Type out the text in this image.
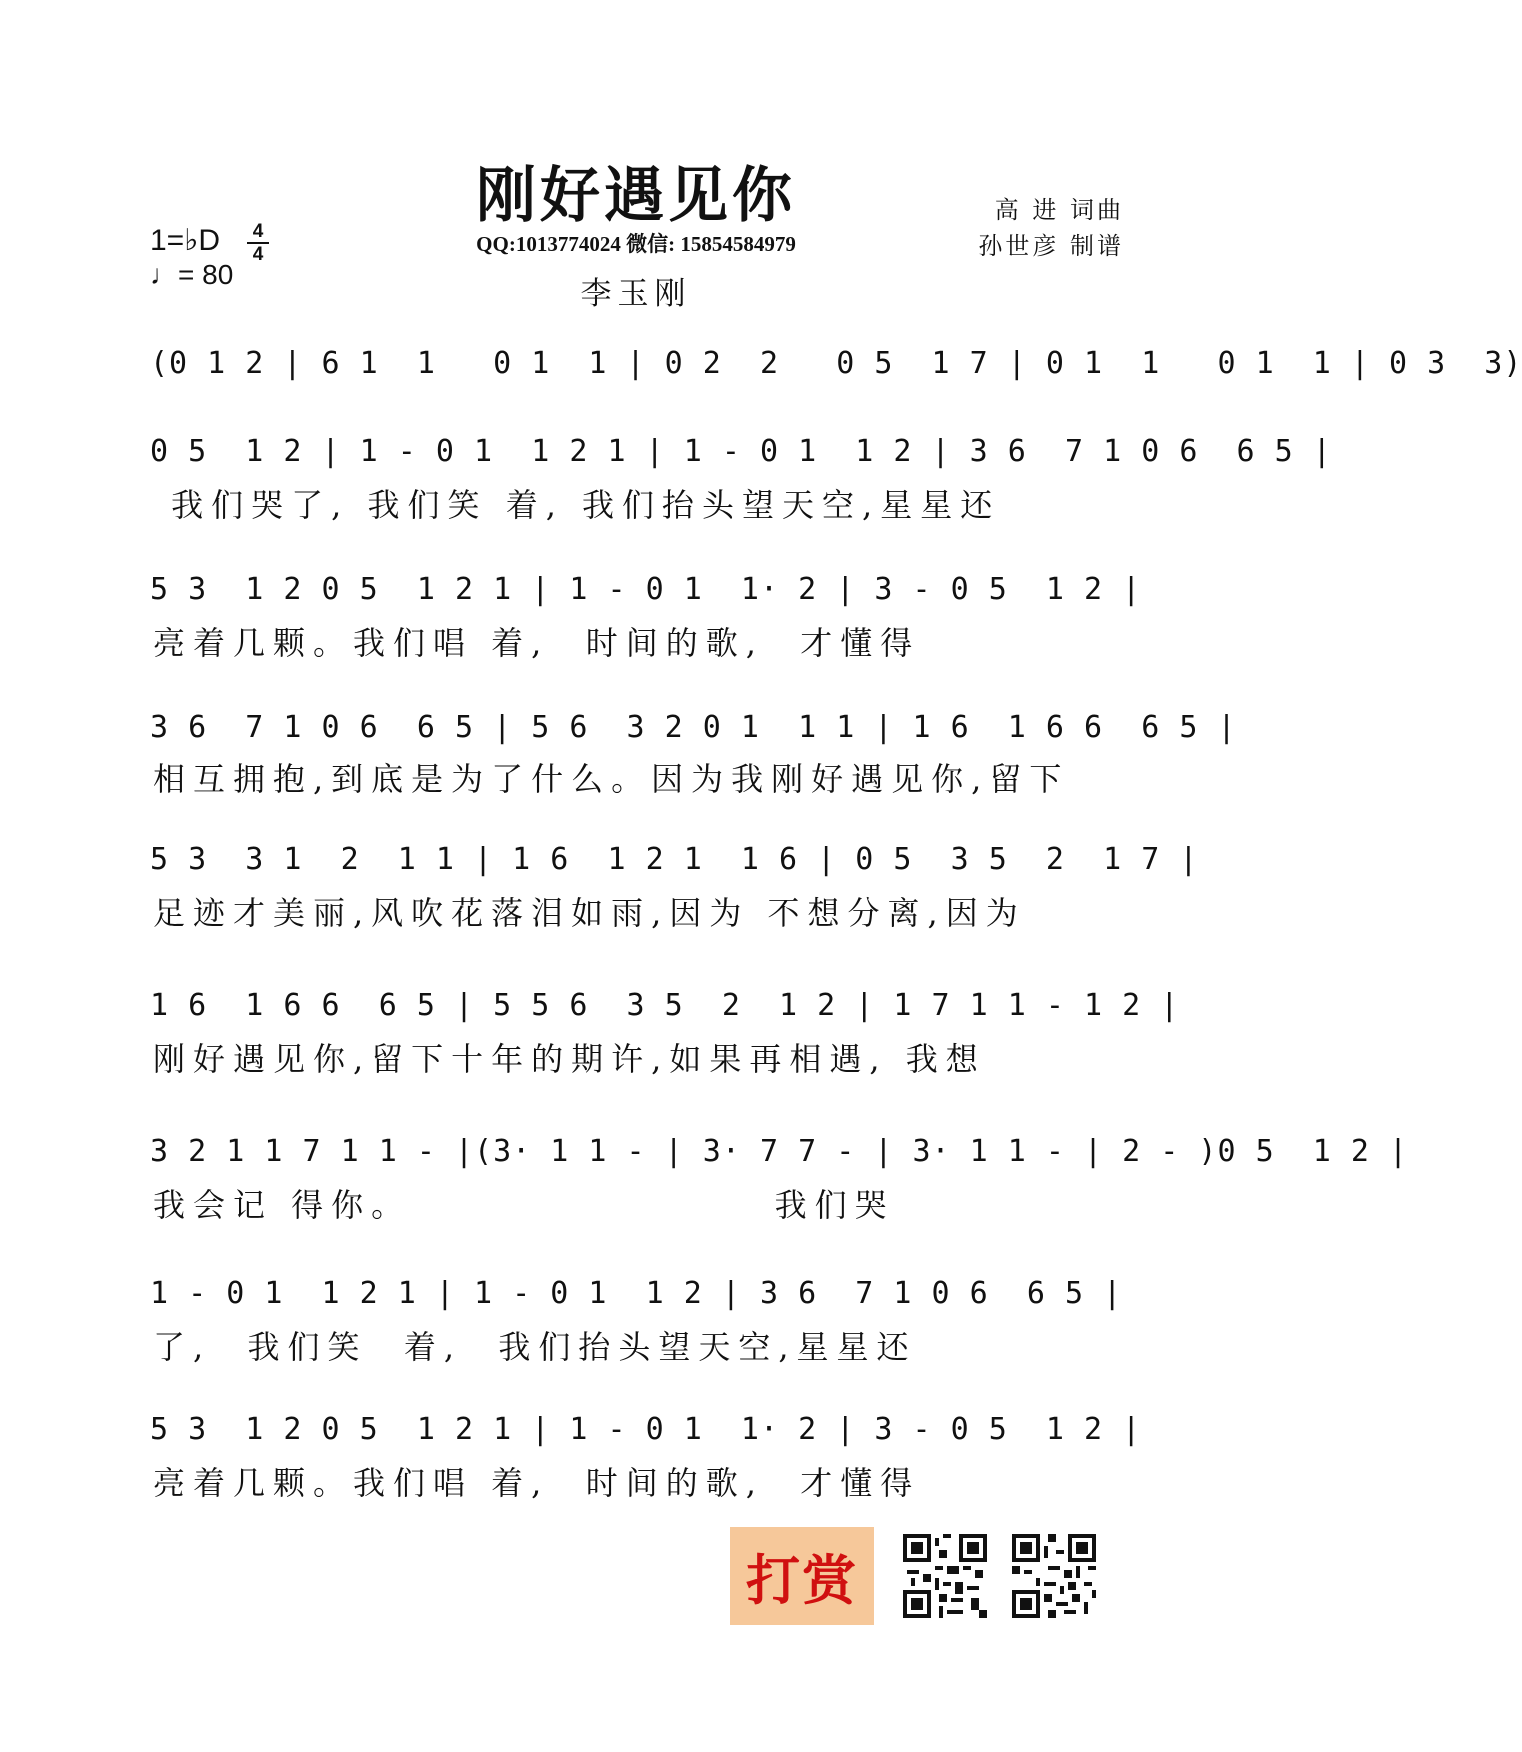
刚好遇见你
QQ:1013774024 微信: 15854584979
李玉刚
高 进 词曲
孙世彦 制谱
1=♭D
♩= 80
4
4
(0 1 2 | 6 1  1   0 1  1 | 0 2  2   0 5  1 7 | 0 1  1   0 1  1 | 0 3  3)
0 5  1 2 | 1 - 0 1  1 2 1 | 1 - 0 1  1 2 | 3 6  7 1 0 6  6 5 |
我们哭了, 我们笑 着, 我们抬头望天空,星星还
5 3  1 2 0 5  1 2 1 | 1 - 0 1  1· 2 | 3 - 0 5  1 2 |
亮着几颗。我们唱 着,  时间的歌,  才懂得
3 6  7 1 0 6  6 5 | 5 6  3 2 0 1  1 1 | 1 6  1 6 6  6 5 |
相互拥抱,到底是为了什么。因为我刚好遇见你,留下
5 3  3 1  2  1 1 | 1 6  1 2 1  1 6 | 0 5  3 5  2  1 7 |
足迹才美丽,风吹花落泪如雨,因为 不想分离,因为
1 6  1 6 6  6 5 | 5 5 6  3 5  2  1 2 | 1 7 1 1 - 1 2 |
刚好遇见你,留下十年的期许,如果再相遇, 我想
3 2 1 1 7 1 1 - |(3· 1 1 - | 3· 7 7 - | 3· 1 1 - | 2 - )0 5  1 2 |
我会记 得你。                    我们哭
1 - 0 1  1 2 1 | 1 - 0 1  1 2 | 3 6  7 1 0 6  6 5 |
了,  我们笑  着,  我们抬头望天空,星星还
5 3  1 2 0 5  1 2 1 | 1 - 0 1  1· 2 | 3 - 0 5  1 2 |
亮着几颗。我们唱 着,  时间的歌,  才懂得
打赏
